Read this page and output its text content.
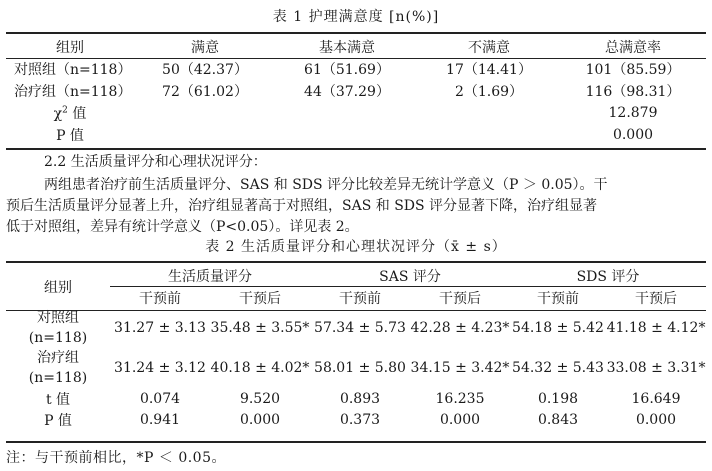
表 1 护理满意度 [n(%)]
组别	满意	基本满意	不满意	总满意率
对照组（n=118）	50（42.37）	61（51.69）	17（14.41）	101（85.59）
治疗组（n=118）	72（61.02）	44（37.29）	2（1.69）	116（98.31）
$\chi^2$ 值				12.879
P 值				0.000
2.2 生活质量评分和心理状况评分：
两组患者治疗前生活质量评分、SAS 和 SDS 评分比较差异无统计学意义（P ＞ 0.05）。干
预后生活质量评分显著上升，治疗组显著高于对照组，SAS 和 SDS 评分显著下降，治疗组显著
低于对照组，差异有统计学意义（P<0.05）。详见表 2。
表 2 生活质量评分和心理状况评分（x̄ ± s）
组别	生活质量评分		SAS 评分		SDS 评分	
	干预前	干预后	干预前	干预后	干预前	干预后

对照组
(n=118)	31.27 ± 3.13	35.48 ± 3.55*	57.34 ± 5.73	42.28 ± 4.23*	54.18 ± 5.42	41.18 ± 4.12*

治疗组
(n=118)	31.24 ± 3.12	40.18 ± 4.02*	58.01 ± 5.80	34.15 ± 3.42*	54.32 ± 5.43	33.08 ± 3.31*

t 值	0.074	9.520	0.893	16.235	0.198	16.649
P 值	0.941	0.000	0.373	0.000	0.843	0.000
注：与干预前相比，*P ＜ 0.05。
